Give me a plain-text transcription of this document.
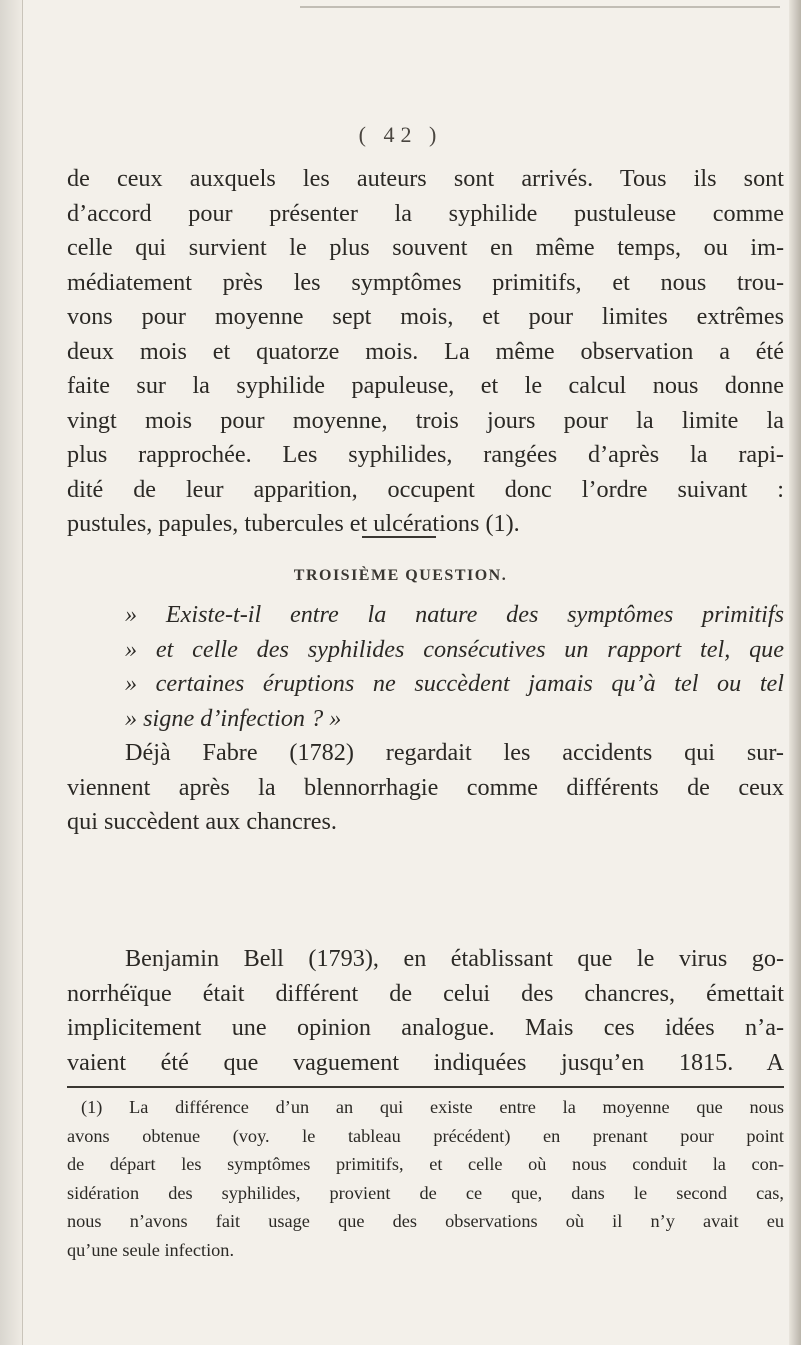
( 42 )
de ceux auxquels les auteurs sont arrivés. Tous ils sont
d’accord pour présenter la syphilide pustuleuse comme
celle qui survient le plus souvent en même temps, ou im-
médiatement près les symptômes primitifs, et nous trou-
vons pour moyenne sept mois, et pour limites extrêmes
deux mois et quatorze mois. La même observation a été
faite sur la syphilide papuleuse, et le calcul nous donne
vingt mois pour moyenne, trois jours pour la limite la
plus rapprochée. Les syphilides, rangées d’après la rapi-
dité de leur apparition, occupent donc l’ordre suivant :
pustules, papules, tubercules et ulcérations (1).
TROISIÈME QUESTION.
» Existe-t-il entre la nature des symptômes primitifs
» et celle des syphilides consécutives un rapport tel, que
» certaines éruptions ne succèdent jamais qu’à tel ou tel
» signe d’infection ? »
Déjà Fabre (1782) regardait les accidents qui sur-
viennent après la blennorrhagie comme différents de ceux
qui succèdent aux chancres.
Benjamin Bell (1793), en établissant que le virus go-
norrhéïque était différent de celui des chancres, émettait
implicitement une opinion analogue. Mais ces idées n’a-
vaient été que vaguement indiquées jusqu’en 1815. A
(1) La différence d’un an qui existe entre la moyenne que nous
avons obtenue (voy. le tableau précédent) en prenant pour point
de départ les symptômes primitifs, et celle où nous conduit la con-
sidération des syphilides, provient de ce que, dans le second cas,
nous n’avons fait usage que des observations où il n’y avait eu
qu’une seule infection.
